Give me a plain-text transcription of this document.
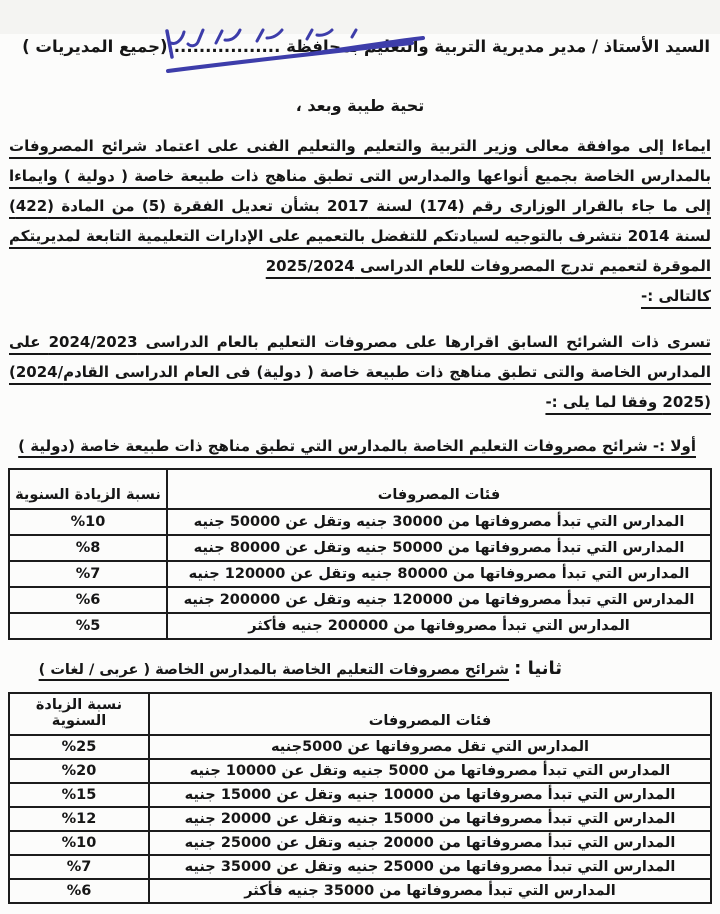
السيد الأستاذ / مدير مديرية التربية والتعليم بمحافظة ..................(جميع المديريات )
تحية طيبة وبعد ،
ايماءا إلى موافقة معالى وزير التربية والتعليم والتعليم الفنى على اعتماد شرائح المصروفات بالمدارس الخاصة بجميع أنواعها والمدارس التى تطبق مناهج ذات طبيعة خاصة ( دولية ) وايماءا إلى ما جاء بالقرار الوزارى رقم (174) لسنة 2017 بشأن تعديل الفقرة (5) من المادة (422) لسنة 2014 نتشرف بالتوجيه لسيادتكم للتفضل بالتعميم على الإدارات التعليمية التابعة لمديريتكم الموقرة لتعميم تدرج المصروفات للعام الدراسى 2025/2024
كالتالى :-
تسرى ذات الشرائح السابق اقرارها على مصروفات التعليم بالعام الدراسى 2024/2023 على المدارس الخاصة والتى تطبق مناهج ذات طبيعة خاصة ( دولية) فى العام الدراسى القادم⁦(2024/ 2025)⁩ وفقا لما يلى :-
أولا :- شرائح مصروفات التعليم الخاصة بالمدارس التي تطبق مناهج ذات طبيعة خاصة (دولية )
فئات المصروفات	نسبة الزيادة السنوية
المدارس التي تبدأ مصروفاتها من 30000 جنيه وتقل عن 50000 جنيه	%10
المدارس التي تبدأ مصروفاتها من 50000 جنيه وتقل عن 80000 جنيه	%8
المدارس التي تبدأ مصروفاتها من 80000 جنيه وتقل عن 120000 جنيه	%7
المدارس التي تبدأ مصروفاتها من 120000 جنيه وتقل عن 200000 جنيه	%6
المدارس التي تبدأ مصروفاتها من 200000 جنيه فأكثر	%5
ثانيا : شرائح مصروفات التعليم الخاصة بالمدارس الخاصة ( عربى / لغات )
فئات المصروفات	نسبة الزيادة السنوية
المدارس التي تقل مصروفاتها عن 5000جنيه	%25
المدارس التي تبدأ مصروفاتها من 5000 جنيه وتقل عن 10000 جنيه	%20
المدارس التي تبدأ مصروفاتها من 10000 جنيه وتقل عن 15000 جنيه	%15
المدارس التي تبدأ مصروفاتها من 15000 جنيه وتقل عن 20000 جنيه	%12
المدارس التي تبدأ مصروفاتها من 20000 جنيه وتقل عن 25000 جنيه	%10
المدارس التي تبدأ مصروفاتها من 25000 جنيه وتقل عن 35000 جنيه	%7
المدارس التي تبدأ مصروفاتها من 35000 جنيه فأكثر	%6
